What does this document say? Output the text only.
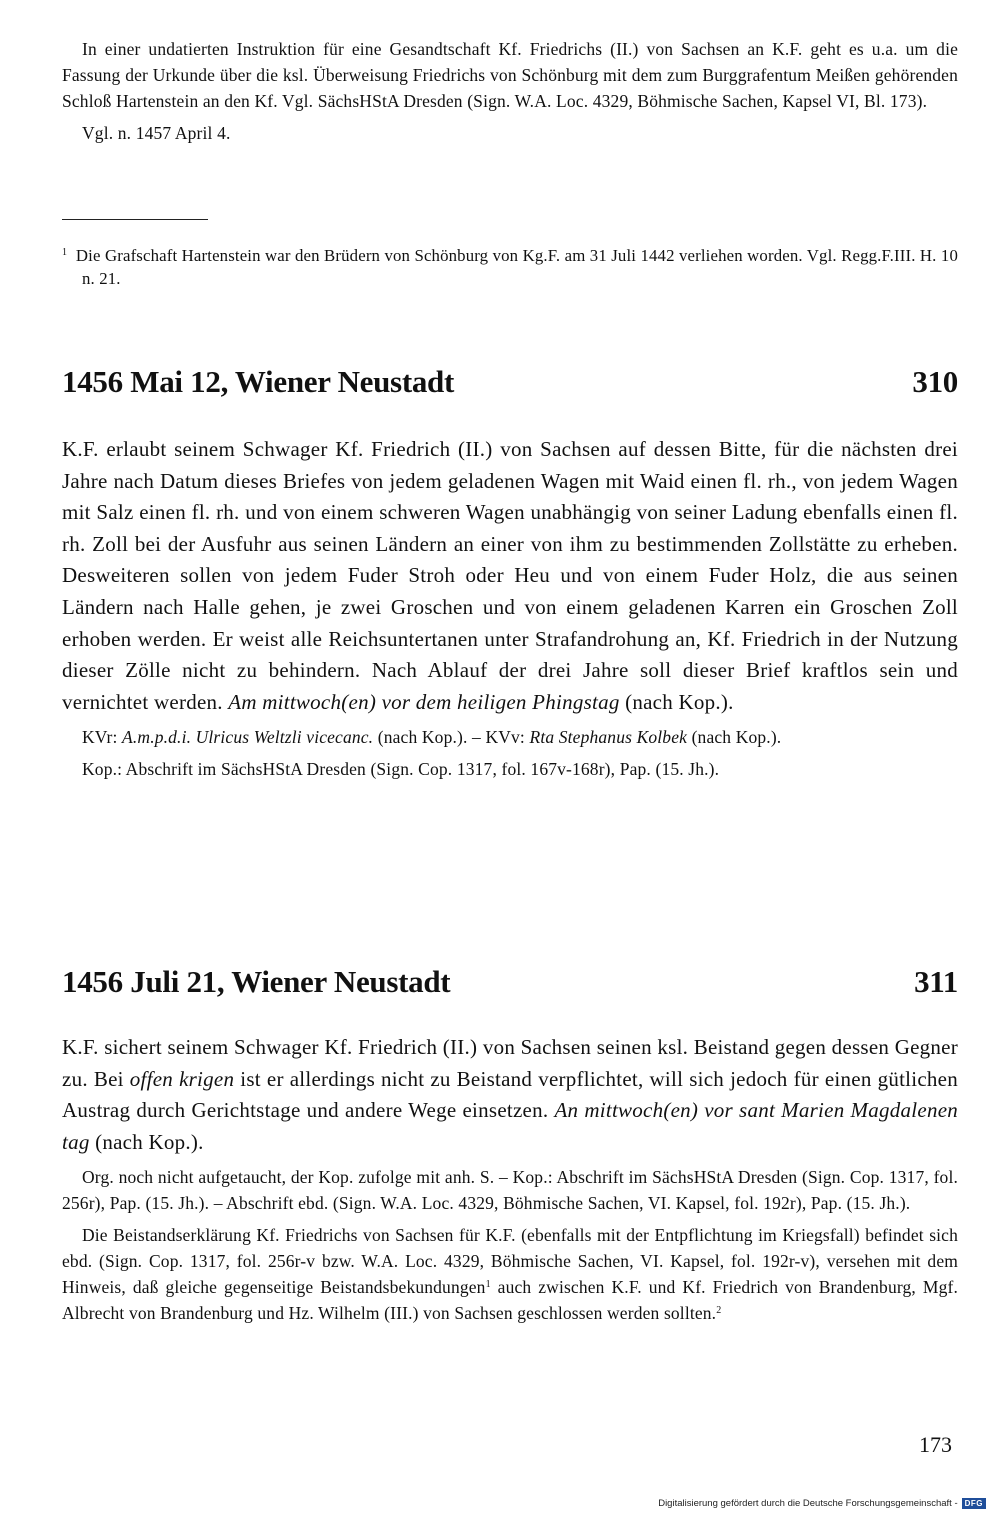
In einer undatierten Instruktion für eine Gesandtschaft Kf. Friedrichs (II.) von Sachsen an K.F. geht es u.a. um die Fassung der Urkunde über die ksl. Überweisung Friedrichs von Schönburg mit dem zum Burggrafentum Meißen gehörenden Schloß Hartenstein an den Kf. Vgl. SächsHStA Dresden (Sign. W.A. Loc. 4329, Böhmische Sachen, Kapsel VI, Bl. 173).

Vgl. n. 1457 April 4.

$^1$ Die Grafschaft Hartenstein war den Brüdern von Schönburg von Kg.F. am 31 Juli 1442 verliehen worden. Vgl. Regg.F.III. H. 10 n. 21.

1456 Mai 12, Wiener Neustadt	310

K.F. erlaubt seinem Schwager Kf. Friedrich (II.) von Sachsen auf dessen Bitte, für die nächsten drei Jahre nach Datum dieses Briefes von jedem geladenen Wagen mit Waid einen fl. rh., von jedem Wagen mit Salz einen fl. rh. und von einem schweren Wagen unabhängig von seiner Ladung ebenfalls einen fl. rh. Zoll bei der Ausfuhr aus seinen Ländern an einer von ihm zu bestimmenden Zollstätte zu erheben. Desweiteren sollen von jedem Fuder Stroh oder Heu und von einem Fuder Holz, die aus seinen Ländern nach Halle gehen, je zwei Groschen und von einem geladenen Karren ein Groschen Zoll erhoben werden. Er weist alle Reichsuntertanen unter Strafandrohung an, Kf. Friedrich in der Nutzung dieser Zölle nicht zu behindern. Nach Ablauf der drei Jahre soll dieser Brief kraftlos sein und vernichtet werden. Am mittwoch(en) vor dem heiligen Phingstag (nach Kop.).

KVr: A.m.p.d.i. Ulricus Weltzli vicecanc. (nach Kop.). – KVv: Rta Stephanus Kolbek (nach Kop.).

Kop.: Abschrift im SächsHStA Dresden (Sign. Cop. 1317, fol. 167v-168r), Pap. (15. Jh.).

1456 Juli 21, Wiener Neustadt	311

K.F. sichert seinem Schwager Kf. Friedrich (II.) von Sachsen seinen ksl. Beistand gegen dessen Gegner zu. Bei offen krigen ist er allerdings nicht zu Beistand verpflichtet, will sich jedoch für einen gütlichen Austrag durch Gerichtstage und andere Wege einsetzen. An mittwoch(en) vor sant Marien Magdalenen tag (nach Kop.).

Org. noch nicht aufgetaucht, der Kop. zufolge mit anh. S. – Kop.: Abschrift im SächsHStA Dresden (Sign. Cop. 1317, fol. 256r), Pap. (15. Jh.). – Abschrift ebd. (Sign. W.A. Loc. 4329, Böhmische Sachen, VI. Kapsel, fol. 192r), Pap. (15. Jh.).

Die Beistandserklärung Kf. Friedrichs von Sachsen für K.F. (ebenfalls mit der Entpflichtung im Kriegsfall) befindet sich ebd. (Sign. Cop. 1317, fol. 256r-v bzw. W.A. Loc. 4329, Böhmische Sachen, VI. Kapsel, fol. 192r-v), versehen mit dem Hinweis, daß gleiche gegenseitige Beistandsbekundungen$^1$ auch zwischen K.F. und Kf. Friedrich von Brandenburg, Mgf. Albrecht von Brandenburg und Hz. Wilhelm (III.) von Sachsen geschlossen werden sollten.$^2$

173
Digitalisierung gefördert durch die Deutsche Forschungsgemeinschaft - DFG
